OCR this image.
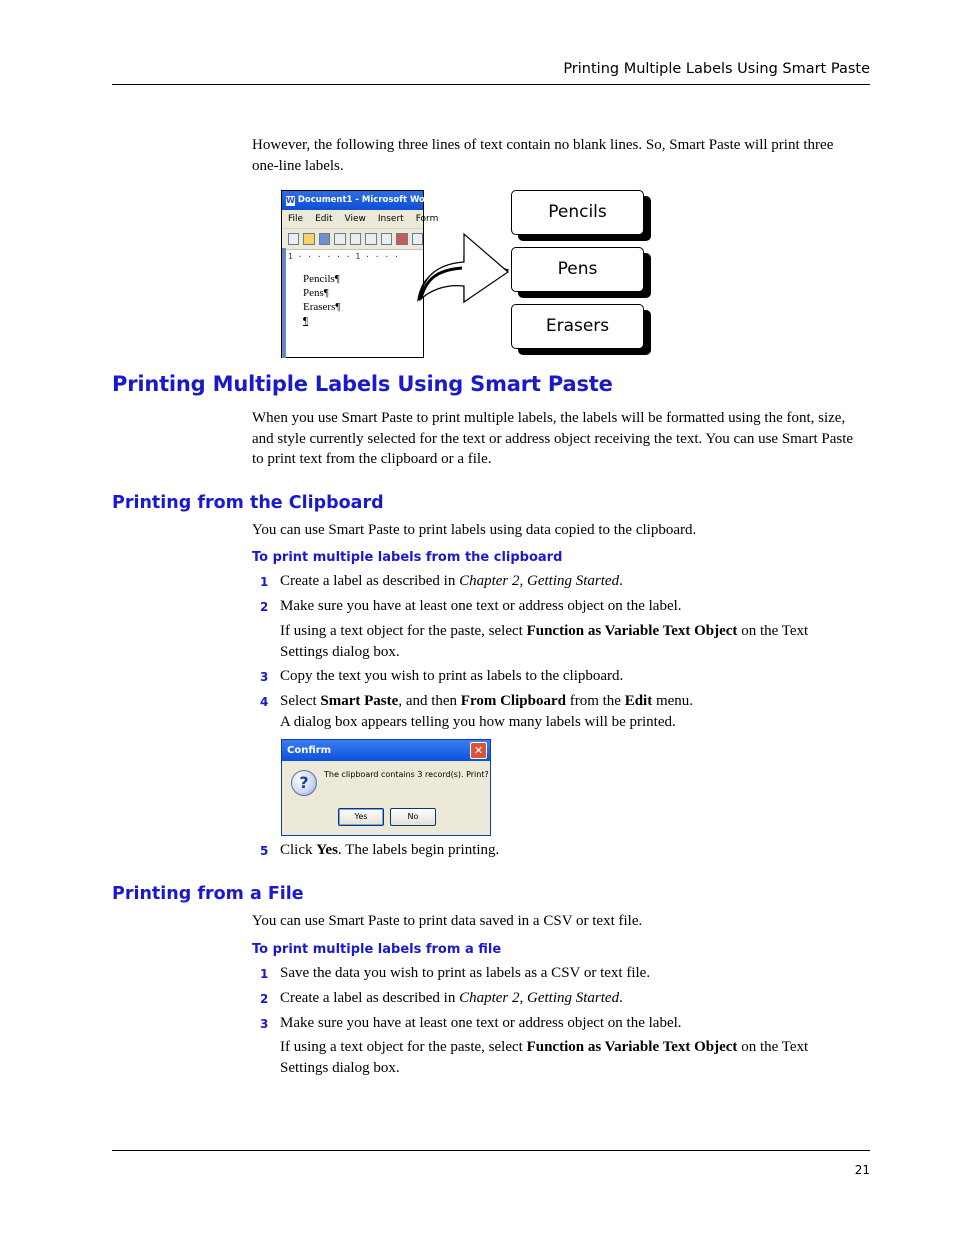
Printing Multiple Labels Using Smart Paste
However, the following three lines of text contain no blank lines. So, Smart Paste will print three one-line labels.
W Document1 - Microsoft Wo
File Edit View Insert Form
1 · · · · · · 1 · · · ·
Pencils¶
Pens¶
Erasers¶
¶
Pencils
Pens
Erasers
Printing Multiple Labels Using Smart Paste
When you use Smart Paste to print multiple labels, the labels will be formatted using the font, size, and style currently selected for the text or address object receiving the text. You can use Smart Paste to print text from the clipboard or a file.
Printing from the Clipboard
You can use Smart Paste to print labels using data copied to the clipboard.
To print multiple labels from the clipboard
1 Create a label as described in Chapter 2, Getting Started.
2 Make sure you have at least one text or address object on the label.
If using a text object for the paste, select Function as Variable Text Object on the Text Settings dialog box.
3 Copy the text you wish to print as labels to the clipboard.
4 Select Smart Paste, and then From Clipboard from the Edit menu.
A dialog box appears telling you how many labels will be printed.
Confirm	✕
?	The clipboard contains 3 record(s). Print?
Yes	No
5 Click Yes. The labels begin printing.
Printing from a File
You can use Smart Paste to print data saved in a CSV or text file.
To print multiple labels from a file
1 Save the data you wish to print as labels as a CSV or text file.
2 Create a label as described in Chapter 2, Getting Started.
3 Make sure you have at least one text or address object on the label.
If using a text object for the paste, select Function as Variable Text Object on the Text Settings dialog box.
21
